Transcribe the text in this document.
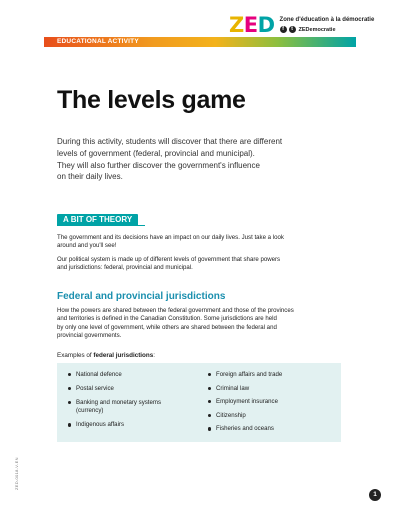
ZED Zone d'éducation à la démocratie
f	t	ZEDemocratie
EDUCATIONAL ACTIVITY
The levels game

During this activity, students will discover that there are different
levels of government (federal, provincial and municipal).
They will also further discover the government's influence
on their daily lives.

A BIT OF THEORY

The government and its decisions have an impact on our daily lives. Just take a look
around and you'll see!

Our political system is made up of different levels of government that share powers
and jurisdictions: federal, provincial and municipal.

Federal and provincial jurisdictions

How the powers are shared between the federal government and those of the provinces
and territories is defined in the Canadian Constitution. Some jurisdictions are held
by only one level of government, while others are shared between the federal and
provincial governments.

Examples of federal jurisdictions:

National defence
Postal service
Banking and monetary systems
(currency)
Indigenous affairs
Foreign affairs and trade
Criminal law
Employment insurance
Citizenship
Fisheries and oceans
ZED-0018-V-EN
1
